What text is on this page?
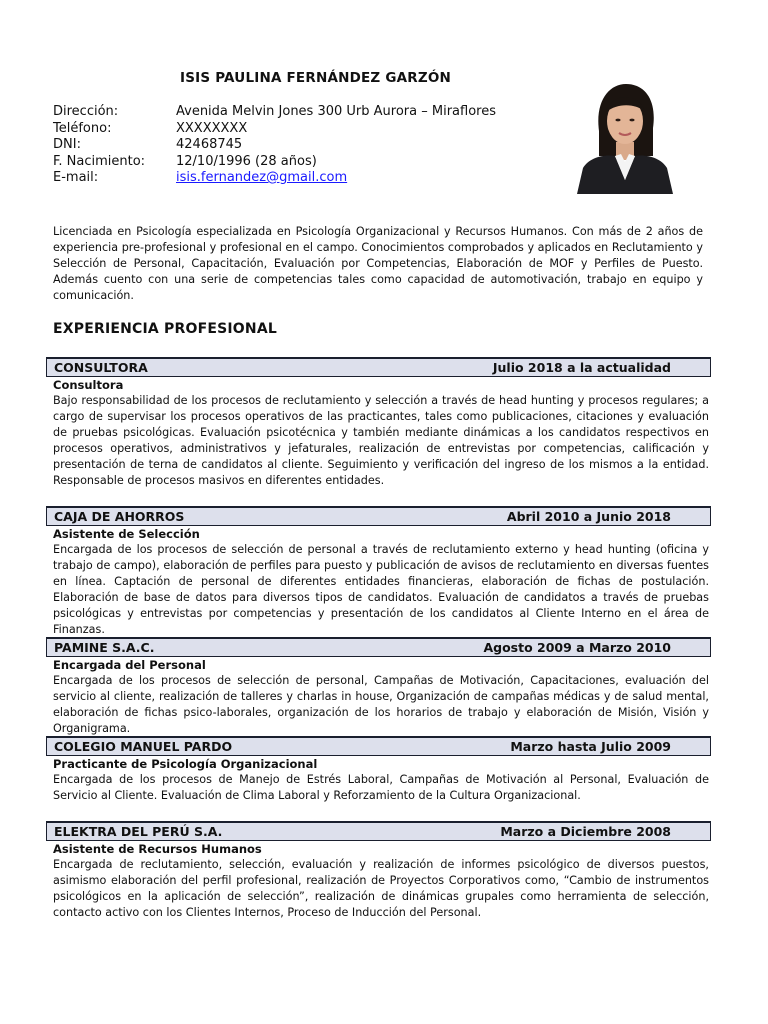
ISIS PAULINA FERNÁNDEZ GARZÓN
Dirección:	Avenida Melvin Jones 300 Urb Aurora – Miraflores
Teléfono:	XXXXXXXX
DNI:	42468745
F. Nacimiento:	12/10/1996 (28 años)
E-mail:	isis.fernandez@gmail.com
Licenciada en Psicología especializada en Psicología Organizacional y Recursos Humanos. Con más de 2 años de experiencia pre-profesional y profesional en el campo. Conocimientos comprobados y aplicados en Reclutamiento y Selección de Personal, Capacitación, Evaluación por Competencias, Elaboración de MOF y Perfiles de Puesto. Además cuento con una serie de competencias tales como capacidad de automotivación, trabajo en equipo y comunicación.
EXPERIENCIA PROFESIONAL
CONSULTORA	Julio 2018 a la actualidad
Consultora
Bajo responsabilidad de los procesos de reclutamiento y selección a través de head hunting y procesos regulares; a cargo de supervisar los procesos operativos de las practicantes, tales como publicaciones, citaciones y evaluación de pruebas psicológicas. Evaluación psicotécnica y también mediante dinámicas a los candidatos respectivos en procesos operativos, administrativos y jefaturales, realización de entrevistas por competencias, calificación y presentación de terna de candidatos al cliente. Seguimiento y verificación del ingreso de los mismos a la entidad. Responsable de procesos masivos en diferentes entidades.
CAJA DE AHORROS	Abril 2010 a Junio 2018
Asistente de Selección
Encargada de los procesos de selección de personal a través de reclutamiento externo y head hunting (oficina y trabajo de campo), elaboración de perfiles para puesto y publicación de avisos de reclutamiento en diversas fuentes en línea. Captación de personal de diferentes entidades financieras, elaboración de fichas de postulación. Elaboración de base de datos para diversos tipos de candidatos. Evaluación de candidatos a través de pruebas psicológicas y entrevistas por competencias y presentación de los candidatos al Cliente Interno en el área de Finanzas.
PAMINE S.A.C.	Agosto 2009 a Marzo 2010
Encargada del Personal
Encargada de los procesos de selección de personal, Campañas de Motivación, Capacitaciones, evaluación del servicio al cliente, realización de talleres y charlas in house, Organización de campañas médicas y de salud mental, elaboración de fichas psico-laborales, organización de los horarios de trabajo y elaboración de Misión, Visión y Organigrama.
COLEGIO MANUEL PARDO	Marzo hasta Julio 2009
Practicante de Psicología Organizacional
Encargada de los procesos de Manejo de Estrés Laboral, Campañas de Motivación al Personal, Evaluación de Servicio al Cliente. Evaluación de Clima Laboral y Reforzamiento de la Cultura Organizacional.
ELEKTRA DEL PERÚ S.A.	Marzo a Diciembre 2008
Asistente de Recursos Humanos
Encargada de reclutamiento, selección, evaluación y realización de informes psicológico de diversos puestos, asimismo elaboración del perfil profesional, realización de Proyectos Corporativos como, “Cambio de instrumentos psicológicos en la aplicación de selección”, realización de dinámicas grupales como herramienta de selección, contacto activo con los Clientes Internos, Proceso de Inducción del Personal.
